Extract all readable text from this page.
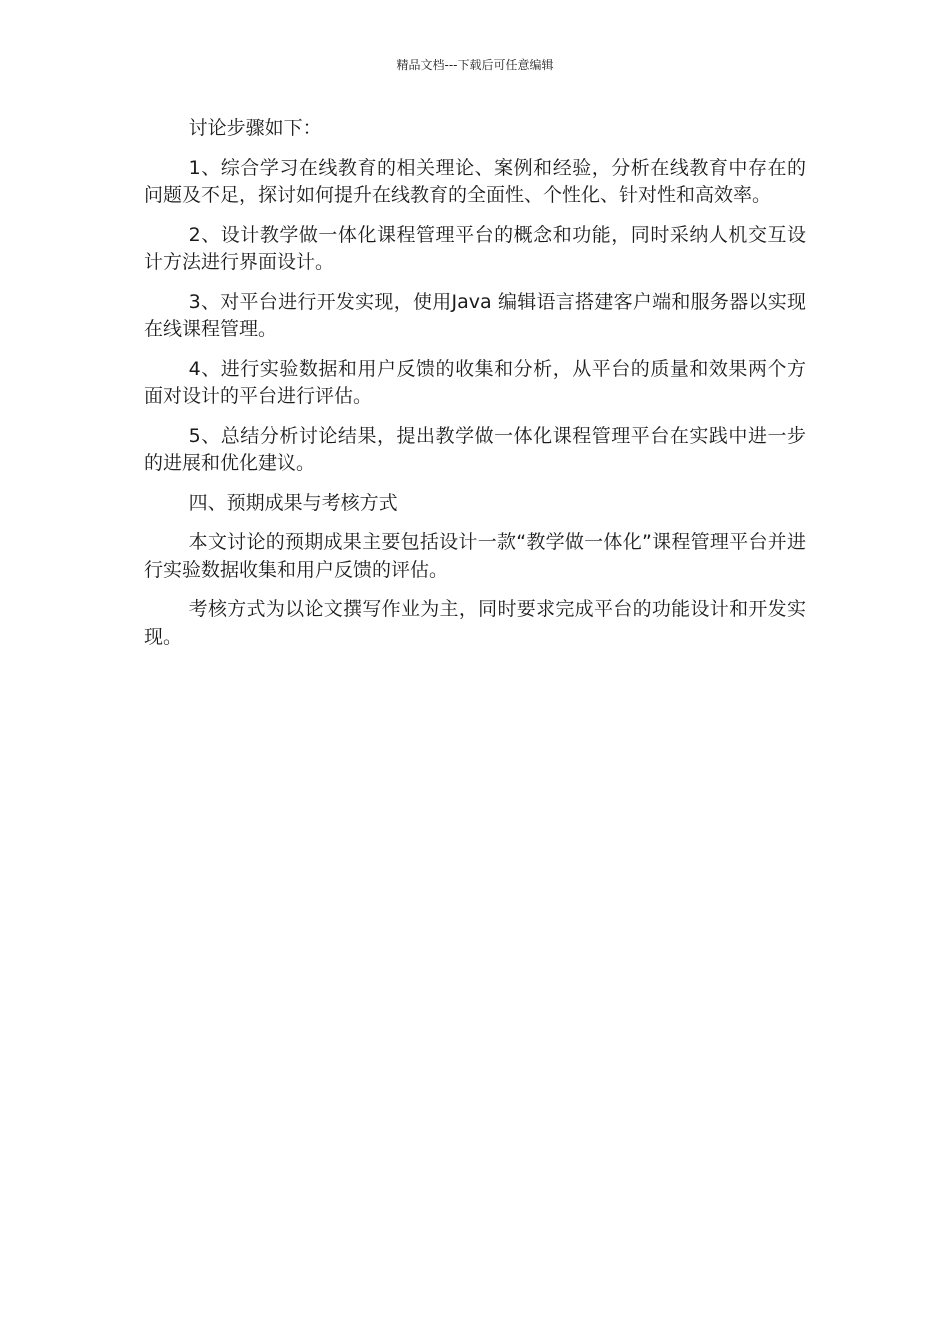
精品文档---下载后可任意编辑

讨论步骤如下：

1、综合学习在线教育的相关理论、案例和经验，分析在线教育中存在的问题及不足，探讨如何提升在线教育的全面性、个性化、针对性和高效率。

2、设计教学做一体化课程管理平台的概念和功能，同时采纳人机交互设计方法进行界面设计。

3、对平台进行开发实现，使用Java 编辑语言搭建客户端和服务器以实现在线课程管理。

4、进行实验数据和用户反馈的收集和分析，从平台的质量和效果两个方面对设计的平台进行评估。

5、总结分析讨论结果，提出教学做一体化课程管理平台在实践中进一步的进展和优化建议。

四、预期成果与考核方式

本文讨论的预期成果主要包括设计一款“教学做一体化”课程管理平台并进行实验数据收集和用户反馈的评估。

考核方式为以论文撰写作业为主，同时要求完成平台的功能设计和开发实现。
